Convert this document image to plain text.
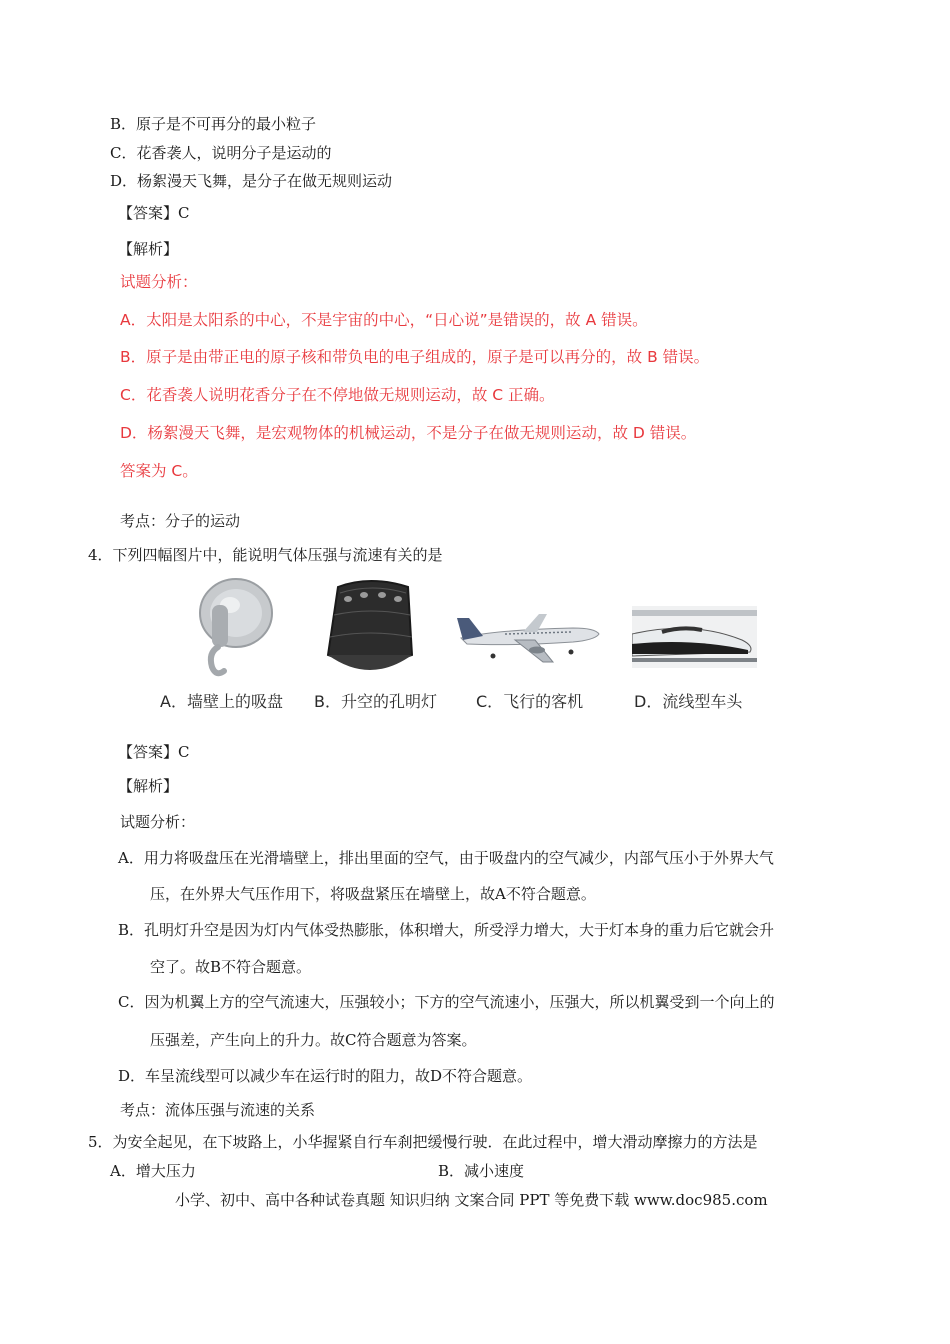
B．原子是不可再分的最小粒子
C．花香袭人，说明分子是运动的
D．杨絮漫天飞舞，是分子在做无规则运动
【答案】C
【解析】
试题分析：
A．太阳是太阳系的中心，不是宇宙的中心，“日心说”是错误的，故 A 错误。
B．原子是由带正电的原子核和带负电的电子组成的，原子是可以再分的，故 B 错误。
C．花香袭人说明花香分子在不停地做无规则运动，故 C 正确。
D．杨絮漫天飞舞，是宏观物体的机械运动，不是分子在做无规则运动，故 D 错误。
答案为 C。
考点：分子的运动
4．下列四幅图片中，能说明气体压强与流速有关的是
A．墙壁上的吸盘 B．升空的孔明灯 C．飞行的客机	D．流线型车头
【答案】C
【解析】
试题分析：
A．用力将吸盘压在光滑墙壁上，排出里面的空气，由于吸盘内的空气减少，内部气压小于外界大气
压，在外界大气压作用下，将吸盘紧压在墙壁上，故A不符合题意。
B．孔明灯升空是因为灯内气体受热膨胀，体积增大，所受浮力增大，大于灯本身的重力后它就会升
空了。故B不符合题意。
C．因为机翼上方的空气流速大，压强较小；下方的空气流速小，压强大，所以机翼受到一个向上的
压强差，产生向上的升力。故C符合题意为答案。
D．车呈流线型可以减少车在运行时的阻力，故D不符合题意。
考点：流体压强与流速的关系
5．为安全起见，在下坡路上，小华握紧自行车刹把缓慢行驶．在此过程中，增大滑动摩擦力的方法是
A．增大压力	B．减小速度
小学、初中、高中各种试卷真题 知识归纳 文案合同 PPT 等免费下载 www.doc985.com
